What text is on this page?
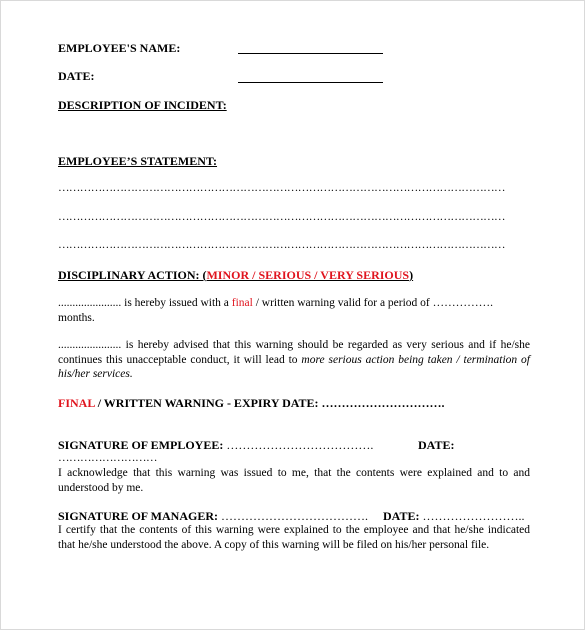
EMPLOYEE'S NAME:
DATE:
DESCRIPTION OF INCIDENT:
EMPLOYEE’S STATEMENT:
……………………………………………………………………………………………………………
……………………………………………………………………………………………………………
……………………………………………………………………………………………………………
DISCIPLINARY ACTION: (MINOR / SERIOUS / VERY SERIOUS)
...................... is hereby issued with a final / written warning valid for a period of …………….
months.
...................... is hereby advised that this warning should be regarded as very serious and if he/she continues this unacceptable conduct, it will lead to more serious action being taken / termination of his/her services.
FINAL / WRITTEN WARNING - EXPIRY DATE: ………………………….
SIGNATURE OF EMPLOYEE: ……………………………….	DATE:
………………………
I acknowledge that this warning was issued to me, that the contents were explained and to and understood by me.
SIGNATURE OF MANAGER: ………………………………. DATE: ……………………..
I certify that the contents of this warning were explained to the employee and that he/she indicated that he/she understood the above. A copy of this warning will be filed on his/her personal file.
